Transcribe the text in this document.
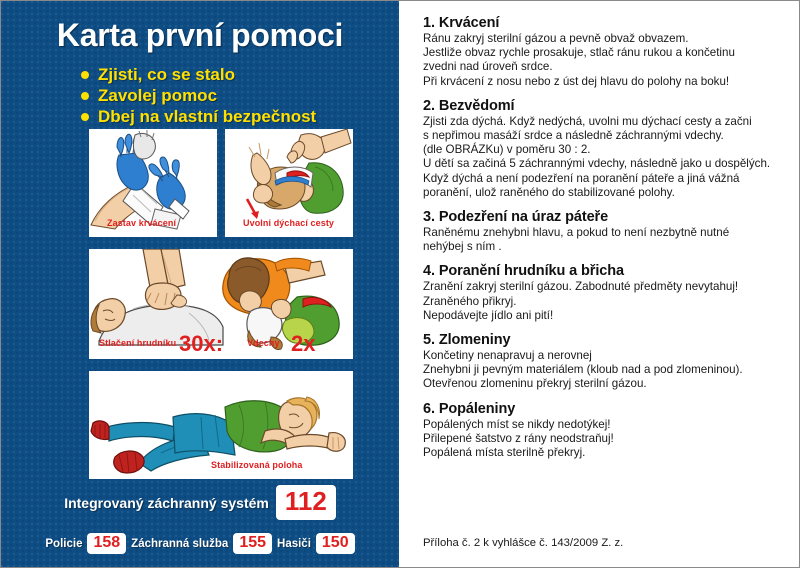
Karta první pomoci
Zjisti, co se stalo
Zavolej pomoc
Dbej na vlastní bezpečnost
Zastav krvácení	Uvolni dýchací cesty
Stlačení hrudníku 30x:	Vdechy 2x
Stabilizovaná poloha
Integrovaný záchranný systém 112
Policie 158 Záchranná služba 155 Hasiči 150
1. Krvácení

Ránu zakryj sterilní gázou a pevně obvaž obvazem.
Jestliže obvaz rychle prosakuje, stlač ránu rukou a končetinu
zvedni nad úroveň srdce.
Při krvácení z nosu nebo z úst dej hlavu do polohy na boku!

2. Bezvědomí

Zjisti zda dýchá. Když nedýchá, uvolni mu dýchací cesty a začni
s nepřimou masáží srdce a následně záchrannými vdechy.
(dle OBRÁZKu) v poměru 30 : 2.
U dětí sa začiná 5 záchrannými vdechy, následně jako u dospělých.
Když dýchá a není podezření na poranění páteře a jiná vážná
poranění, ulož raněného do stabilizované polohy.

3. Podezření na úraz páteře

Raněnému znehybni hlavu, a pokud to není nezbytně nutné
nehýbej s ním .

4. Poranění hrudníku a břicha

Zranění zakryj sterilní gázou. Zabodnuté předměty nevytahuj!
Zraněného přikryj.
Nepodávejte jídlo ani pití!

5. Zlomeniny

Končetiny nenapravuj a nerovnej
Znehybni ji pevným materiálem (kloub nad a pod zlomeninou).
Otevřenou zlomeninu překryj sterilní gázou.

6. Popáleniny

Popálených míst se nikdy nedotýkej!
Přilepené šatstvo z rány neodstraňuj!
Popálená místa sterilně překryj.

Příloha č. 2 k vyhlášce č. 143/2009 Z. z.
